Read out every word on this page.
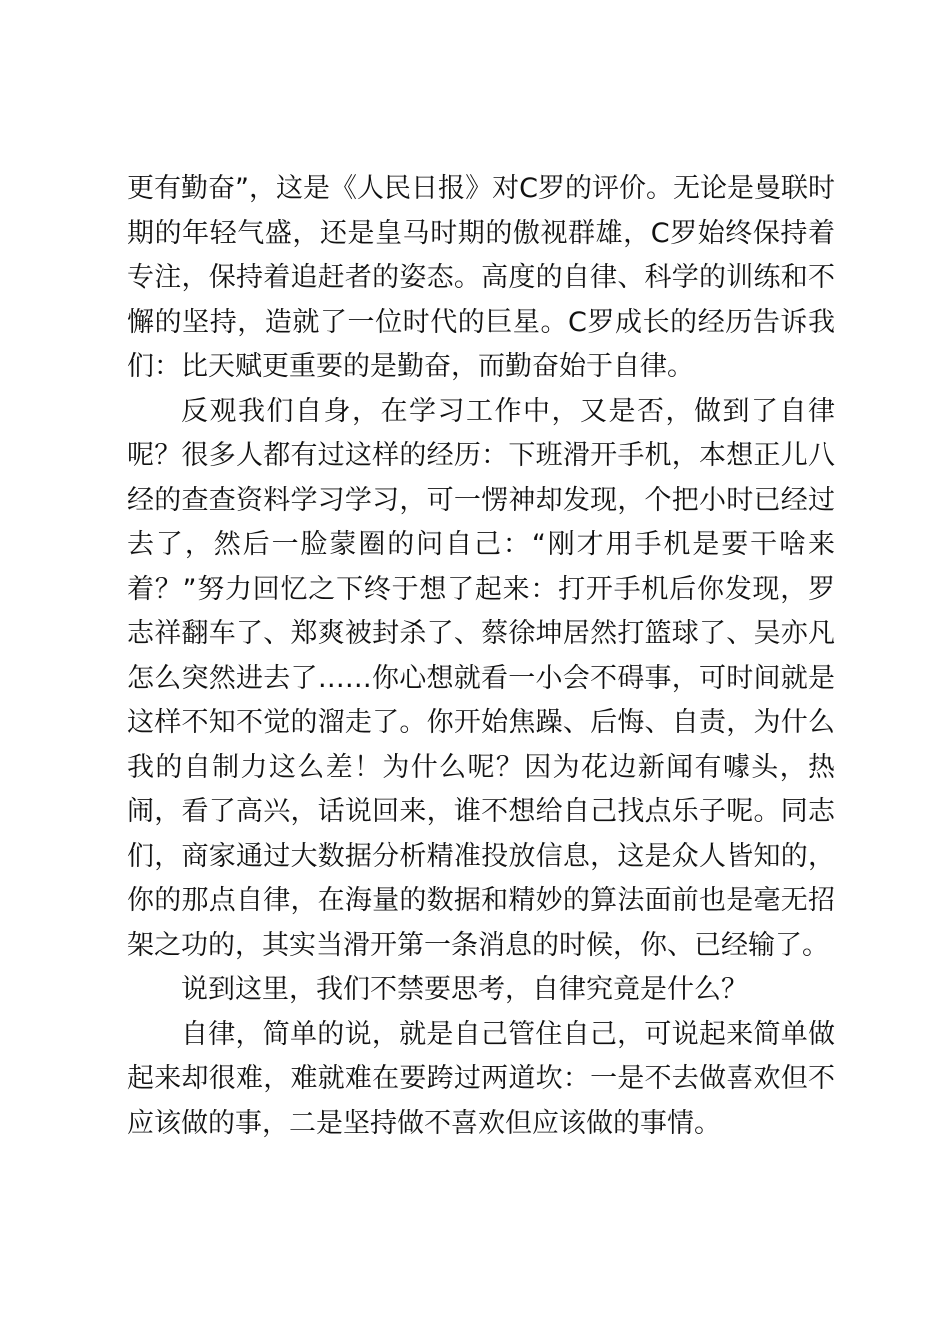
更有勤奋”，这是《人民日报》对C罗的评价。无论是曼联时期的年轻气盛，还是皇马时期的傲视群雄，C罗始终保持着专注，保持着追赶者的姿态。高度的自律、科学的训练和不懈的坚持，造就了一位时代的巨星。C罗成长的经历告诉我们：比天赋更重要的是勤奋，而勤奋始于自律。

反观我们自身，在学习工作中，又是否，做到了自律呢？很多人都有过这样的经历：下班滑开手机，本想正儿八经的查查资料学习学习，可一愣神却发现，个把小时已经过去了，然后一脸蒙圈的问自己：“刚才用手机是要干啥来着？”努力回忆之下终于想了起来：打开手机后你发现，罗志祥翻车了、郑爽被封杀了、蔡徐坤居然打篮球了、吴亦凡怎么突然进去了……你心想就看一小会不碍事，可时间就是这样不知不觉的溜走了。你开始焦躁、后悔、自责，为什么我的自制力这么差！为什么呢？因为花边新闻有噱头，热闹，看了高兴，话说回来，谁不想给自己找点乐子呢。同志们，商家通过大数据分析精准投放信息，这是众人皆知的，你的那点自律，在海量的数据和精妙的算法面前也是毫无招架之功的，其实当滑开第一条消息的时候，你、已经输了。

说到这里，我们不禁要思考，自律究竟是什么？

自律，简单的说，就是自己管住自己，可说起来简单做起来却很难，难就难在要跨过两道坎：一是不去做喜欢但不应该做的事，二是坚持做不喜欢但应该做的事情。
